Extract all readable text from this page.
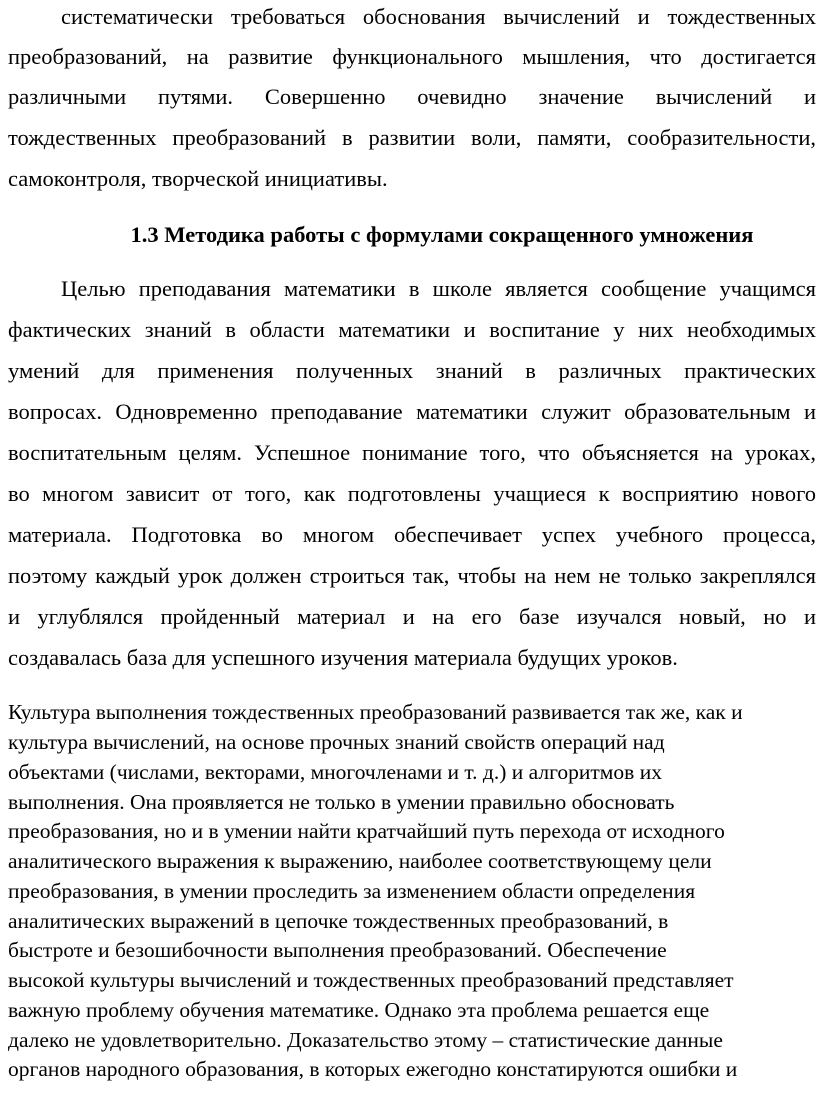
систематически требоваться обоснования вычислений и тождественных
преобразований, на развитие функционального мышления, что достигается
различными путями. Совершенно очевидно значение вычислений и
тождественных преобразований в развитии воли, памяти, сообразительности,
самоконтроля, творческой инициативы.
1.3 Методика работы с формулами сокращенного умножения
Целью преподавания математики в школе является сообщение учащимся
фактических знаний в области математики и воспитание у них необходимых
умений для применения полученных знаний в различных практических
вопросах. Одновременно преподавание математики служит образовательным и
воспитательным целям. Успешное понимание того, что объясняется на уроках,
во многом зависит от того, как подготовлены учащиеся к восприятию нового
материала. Подготовка во многом обеспечивает успех учебного процесса,
поэтому каждый урок должен строиться так, чтобы на нем не только закреплялся
и углублялся пройденный материал и на его базе изучался новый, но и
создавалась база для успешного изучения материала будущих уроков.
Культура выполнения тождественных преобразований развивается так же, как и
культура вычислений, на основе прочных знаний свойств операций над
объектами (числами, векторами, многочленами и т. д.) и алгоритмов их
выполнения. Она проявляется не только в умении правильно обосновать
преобразования, но и в умении найти кратчайший путь перехода от исходного
аналитического выражения к выражению, наиболее соответствующему цели
преобразования, в умении проследить за изменением области определения
аналитических выражений в цепочке тождественных преобразований, в
быстроте и безошибочности выполнения преобразований. Обеспечение
высокой культуры вычислений и тождественных преобразований представляет
важную проблему обучения математике. Однако эта проблема решается еще
далеко не удовлетворительно. Доказательство этому – статистические данные
органов народного образования, в которых ежегодно констатируются ошибки и
